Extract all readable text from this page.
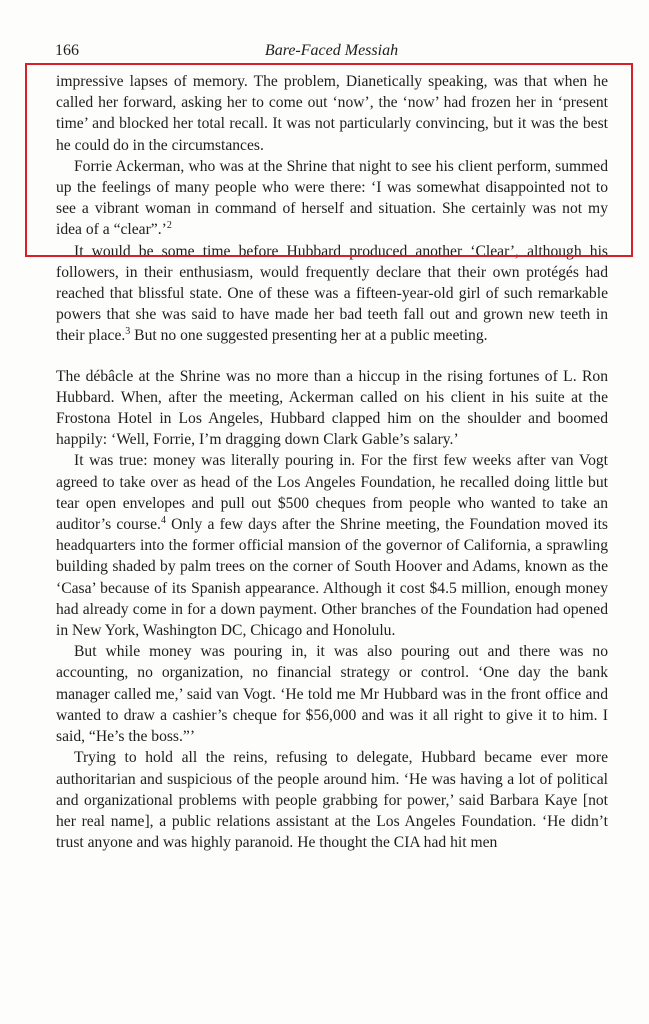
166	Bare-Faced Messiah

impressive lapses of memory. The problem, Dianetically speaking, was that when he called her forward, asking her to come out ‘now’, the ‘now’ had frozen her in ‘present time’ and blocked her total recall. It was not particularly convincing, but it was the best he could do in the circumstances.

Forrie Ackerman, who was at the Shrine that night to see his client perform, summed up the feelings of many people who were there: ‘I was somewhat disappointed not to see a vibrant woman in command of herself and situation. She certainly was not my idea of a “clear”.’$^2$

It would be some time before Hubbard produced another ‘Clear’, although his followers, in their enthusiasm, would frequently declare that their own protégés had reached that blissful state. One of these was a fifteen-year-old girl of such remarkable powers that she was said to have made her bad teeth fall out and grown new teeth in their place.$^3$ But no one suggested presenting her at a public meeting.

The débâcle at the Shrine was no more than a hiccup in the rising fortunes of L. Ron Hubbard. When, after the meeting, Ackerman called on his client in his suite at the Frostona Hotel in Los Angeles, Hubbard clapped him on the shoulder and boomed happily: ‘Well, Forrie, I’m dragging down Clark Gable’s salary.’

It was true: money was literally pouring in. For the first few weeks after van Vogt agreed to take over as head of the Los Angeles Foundation, he recalled doing little but tear open envelopes and pull out $500 cheques from people who wanted to take an auditor’s course.$^4$ Only a few days after the Shrine meeting, the Foundation moved its headquarters into the former official mansion of the governor of California, a sprawling building shaded by palm trees on the corner of South Hoover and Adams, known as the ‘Casa’ because of its Spanish appearance. Although it cost $4.5 million, enough money had already come in for a down payment. Other branches of the Foundation had opened in New York, Washington DC, Chicago and Honolulu.

But while money was pouring in, it was also pouring out and there was no accounting, no organization, no financial strategy or control. ‘One day the bank manager called me,’ said van Vogt. ‘He told me Mr Hubbard was in the front office and wanted to draw a cashier’s cheque for $56,000 and was it all right to give it to him. I said, “He’s the boss.”’

Trying to hold all the reins, refusing to delegate, Hubbard became ever more authoritarian and suspicious of the people around him. ‘He was having a lot of political and organizational problems with people grabbing for power,’ said Barbara Kaye [not her real name], a public relations assistant at the Los Angeles Foundation. ‘He didn’t trust anyone and was highly paranoid. He thought the CIA had hit men
